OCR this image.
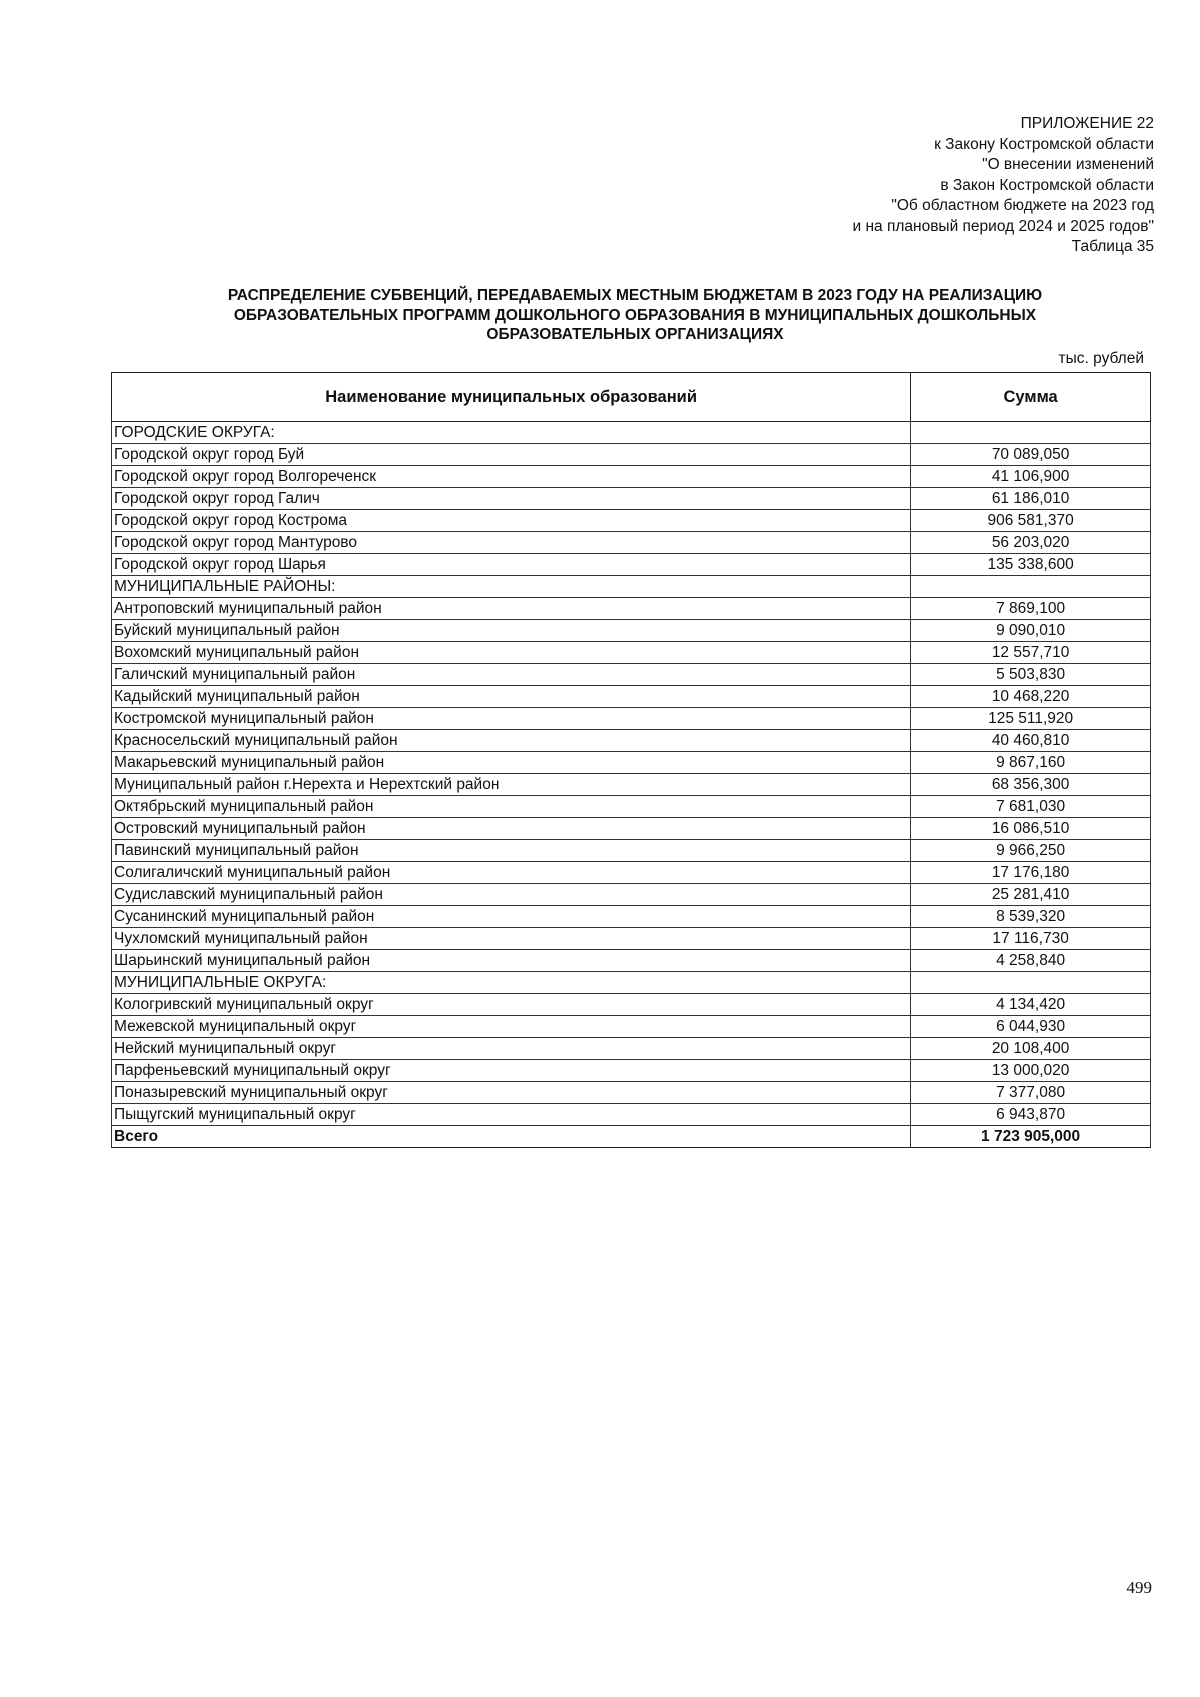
ПРИЛОЖЕНИЕ 22
к Закону Костромской области
"О внесении изменений
в Закон Костромской области
"Об областном бюджете на 2023 год
и на плановый период 2024 и 2025 годов"
Таблица 35
РАСПРЕДЕЛЕНИЕ СУБВЕНЦИЙ, ПЕРЕДАВАЕМЫХ МЕСТНЫМ БЮДЖЕТАМ В 2023 ГОДУ НА РЕАЛИЗАЦИЮ
ОБРАЗОВАТЕЛЬНЫХ ПРОГРАММ ДОШКОЛЬНОГО ОБРАЗОВАНИЯ В МУНИЦИПАЛЬНЫХ ДОШКОЛЬНЫХ
ОБРАЗОВАТЕЛЬНЫХ ОРГАНИЗАЦИЯХ
тыс. рублей
Наименование муниципальных образований	Сумма
ГОРОДСКИЕ ОКРУГА:	
Городской округ город Буй	70 089,050
Городской округ город Волгореченск	41 106,900
Городской округ город Галич	61 186,010
Городской округ город Кострома	906 581,370
Городской округ город Мантурово	56 203,020
Городской округ город Шарья	135 338,600
МУНИЦИПАЛЬНЫЕ РАЙОНЫ:	
Антроповский муниципальный район	7 869,100
Буйский муниципальный район	9 090,010
Вохомский муниципальный район	12 557,710
Галичский муниципальный район	5 503,830
Кадыйский муниципальный район	10 468,220
Костромской муниципальный район	125 511,920
Красносельский муниципальный район	40 460,810
Макарьевский муниципальный район	9 867,160
Муниципальный район г.Нерехта и Нерехтский район	68 356,300
Октябрьский муниципальный район	7 681,030
Островский муниципальный район	16 086,510
Павинский муниципальный район	9 966,250
Солигаличский муниципальный район	17 176,180
Судиславский муниципальный район	25 281,410
Сусанинский муниципальный район	8 539,320
Чухломский муниципальный район	17 116,730
Шарьинский муниципальный район	4 258,840
МУНИЦИПАЛЬНЫЕ ОКРУГА:	
Кологривский муниципальный округ	4 134,420
Межевской муниципальный округ	6 044,930
Нейский муниципальный округ	20 108,400
Парфеньевский муниципальный округ	13 000,020
Поназыревский муниципальный округ	7 377,080
Пыщугский муниципальный округ	6 943,870
Всего	1 723 905,000
499
